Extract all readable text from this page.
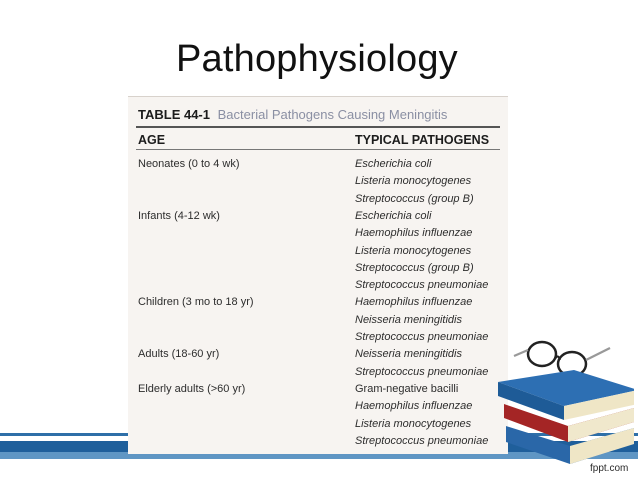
Pathophysiology
TABLE 44-1 Bacterial Pathogens Causing Meningitis
AGE	TYPICAL PATHOGENS
Neonates (0 to 4 wk)	Escherichia coli
Listeria monocytogenes
Streptococcus (group B)
Infants (4-12 wk)	Escherichia coli
Haemophilus influenzae
Listeria monocytogenes
Streptococcus (group B)
Streptococcus pneumoniae
Children (3 mo to 18 yr)	Haemophilus influenzae
Neisseria meningitidis
Streptococcus pneumoniae
Adults (18-60 yr)	Neisseria meningitidis
Streptococcus pneumoniae
Elderly adults (>60 yr)	Gram-negative bacilli
Haemophilus influenzae
Listeria monocytogenes
Streptococcus pneumoniae
fppt.com
